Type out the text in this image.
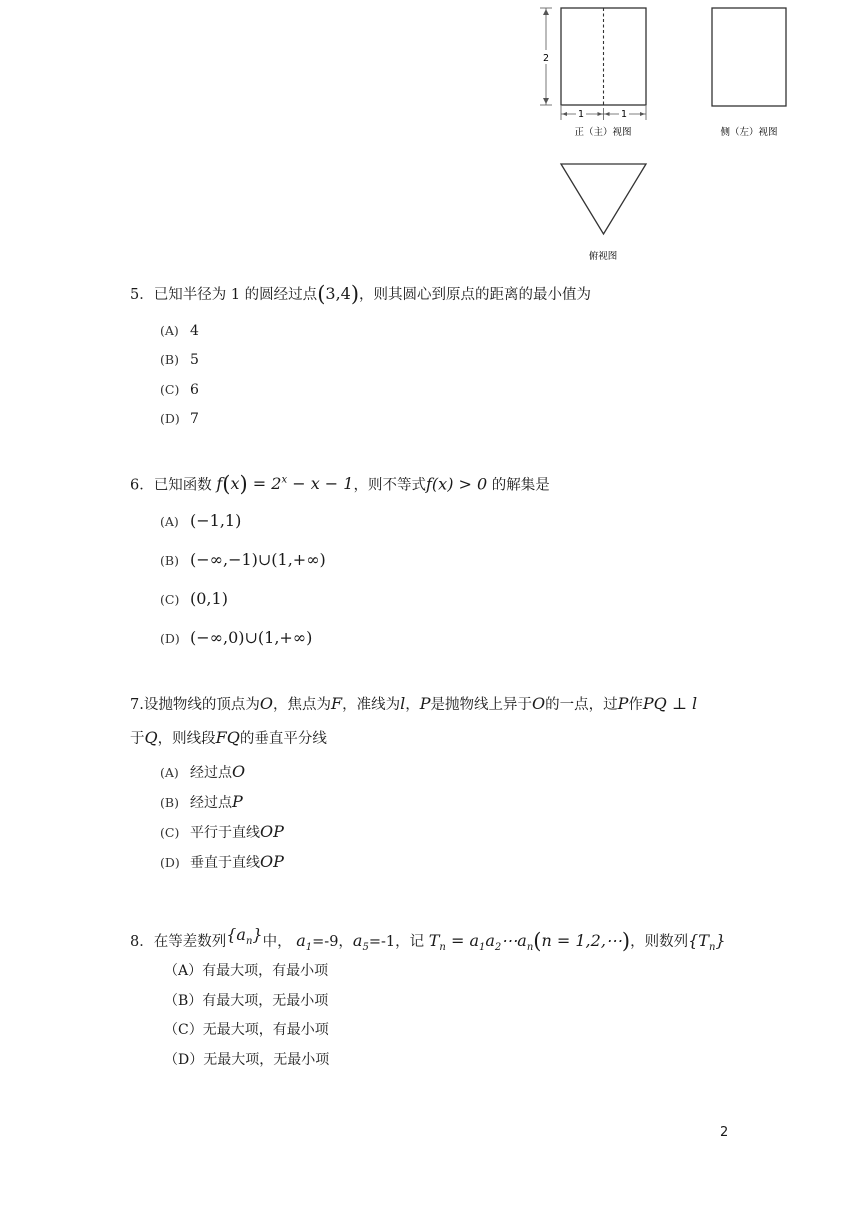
2
1	1
正（主）视图	侧（左）视图
俯视图
5．已知半径为 1 的圆经过点(3,4)，则其圆心到原点的距离的最小值为
(A) 4
(B) 5
(C) 6
(D) 7
6．已知函数 $f(x) = 2^x - x - 1$，则不等式f(x) > 0 的解集是
(A) (−1,1)
(B) (−∞,−1)∪(1,+∞)
(C) (0,1)
(D) (−∞,0)∪(1,+∞)
7.设抛物线的顶点为O，焦点为F，准线为l，P是抛物线上异于O的一点，过P作PQ ⊥ l
于Q，则线段FQ的垂直平分线
(A) 经过点O
(B) 经过点P
(C) 平行于直线OP
(D) 垂直于直线OP
8．在等差数列$\{a_n\}$中， $a_1=-9$，$a_5=-1$，记 $T_n$ = $a_1a_2\cdots a_n(n$ = 1,2,⋯)，则数列$\{T_n\}$
（A）有最大项，有最小项
（B）有最大项，无最小项
（C）无最大项，有最小项
（D）无最大项，无最小项
2
